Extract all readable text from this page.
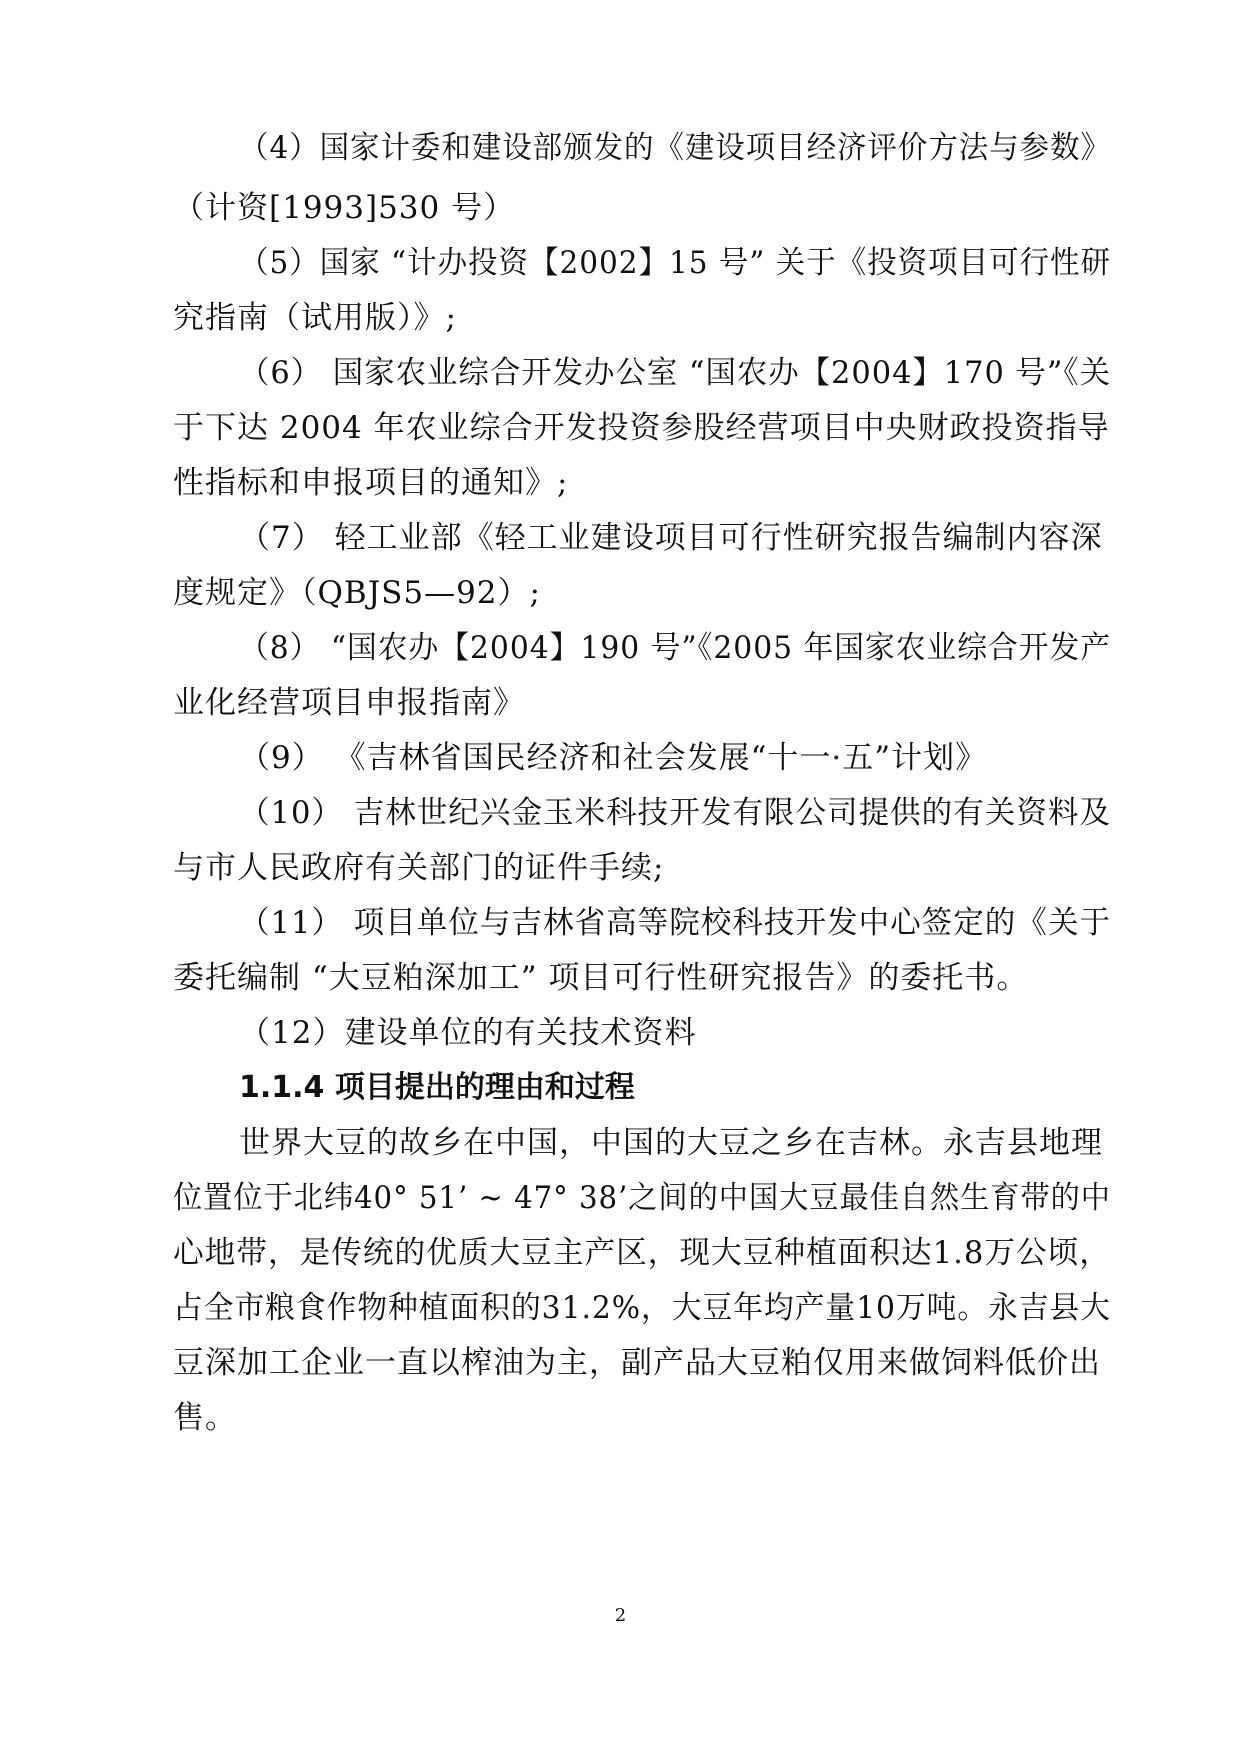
（4）国家计委和建设部颁发的《建设项目经济评价方法与参数》
（计资[1993]530 号）
（5）国家 “计办投资【2002】15 号” 关于《投资项目可行性研
究指南（试用版）》;
（6） 国家农业综合开发办公室 “国农办【2004】170 号”《关
于下达 2004 年农业综合开发投资参股经营项目中央财政投资指导
性指标和申报项目的通知》;
（7） 轻工业部《轻工业建设项目可行性研究报告编制内容深
度规定》（QBJS5—92）;
（8） “国农办【2004】190 号”《2005 年国家农业综合开发产
业化经营项目申报指南》
（9） 《吉林省国民经济和社会发展“十一·五”计划》
（10） 吉林世纪兴金玉米科技开发有限公司提供的有关资料及
与市人民政府有关部门的证件手续;
（11） 项目单位与吉林省高等院校科技开发中心签定的《关于
委托编制 “大豆粕深加工” 项目可行性研究报告》的委托书。
（12）建设单位的有关技术资料
1.1.4 项目提出的理由和过程
世界大豆的故乡在中国，中国的大豆之乡在吉林。永吉县地理
位置位于北纬40° 51’ ~ 47° 38’之间的中国大豆最佳自然生育带的中
心地带，是传统的优质大豆主产区，现大豆种植面积达1.8万公顷，
占全市粮食作物种植面积的31.2%，大豆年均产量10万吨。永吉县大
豆深加工企业一直以榨油为主，副产品大豆粕仅用来做饲料低价出
售。
2
